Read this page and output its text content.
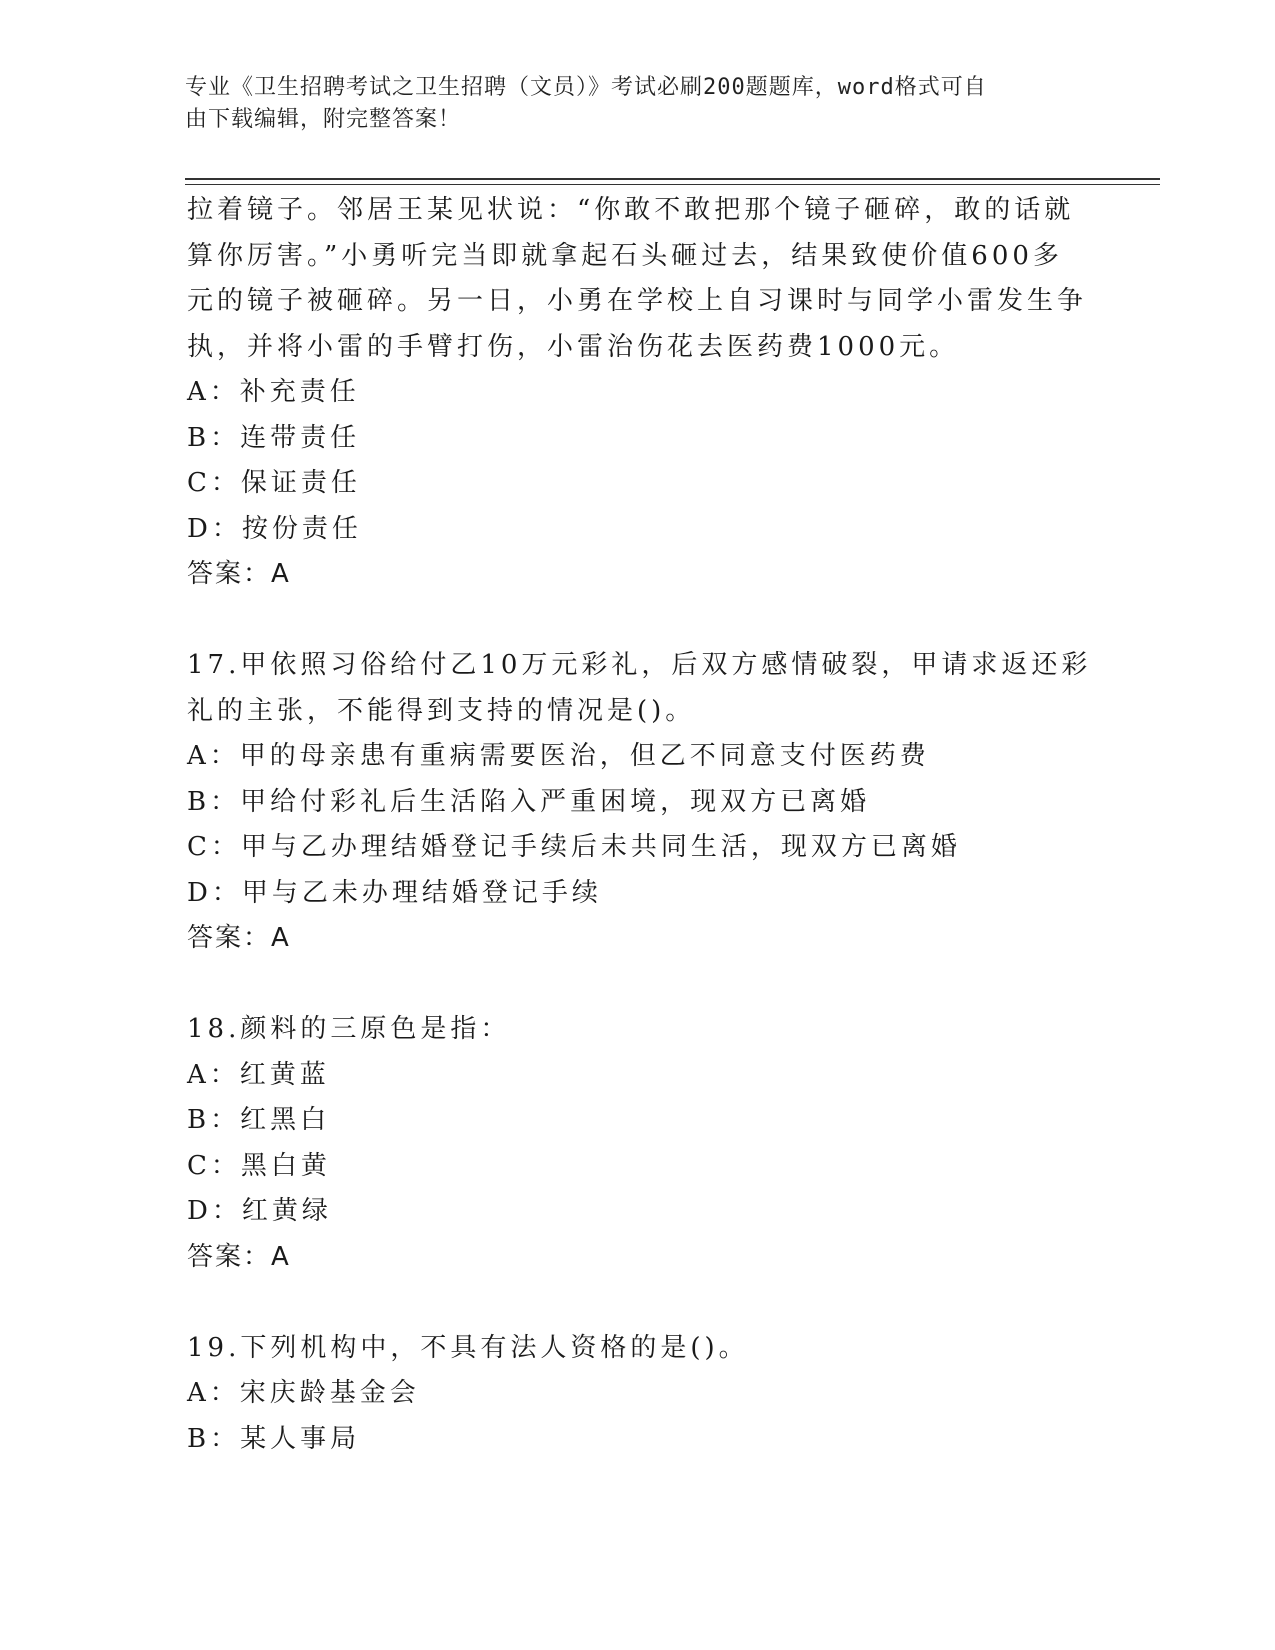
专业《卫生招聘考试之卫生招聘（文员）》考试必刷200题题库，word格式可自
由下载编辑，附完整答案！
拉着镜子。邻居王某见状说：“你敢不敢把那个镜子砸碎，敢的话就
算你厉害。”小勇听完当即就拿起石头砸过去，结果致使价值600多
元的镜子被砸碎。另一日，小勇在学校上自习课时与同学小雷发生争
执，并将小雷的手臂打伤，小雷治伤花去医药费1000元。
A：补充责任
B：连带责任
C：保证责任
D：按份责任
答案：A
17.甲依照习俗给付乙10万元彩礼，后双方感情破裂，甲请求返还彩
礼的主张，不能得到支持的情况是()。
A：甲的母亲患有重病需要医治，但乙不同意支付医药费
B：甲给付彩礼后生活陷入严重困境，现双方已离婚
C：甲与乙办理结婚登记手续后未共同生活，现双方已离婚
D：甲与乙未办理结婚登记手续
答案：A
18.颜料的三原色是指：
A：红黄蓝
B：红黑白
C：黑白黄
D：红黄绿
答案：A
19.下列机构中，不具有法人资格的是()。
A：宋庆龄基金会
B：某人事局
